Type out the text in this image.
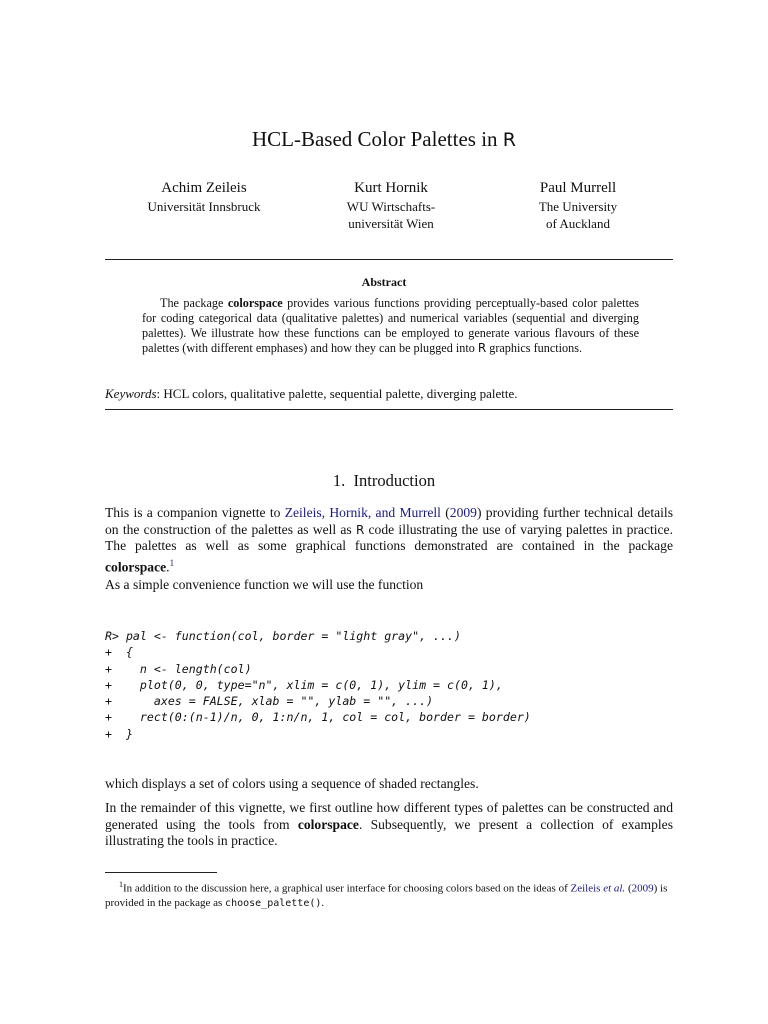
HCL-Based Color Palettes in R
Achim Zeileis
Universität Innsbruck
Kurt Hornik
WU Wirtschafts-
universität Wien
Paul Murrell
The University
of Auckland
Abstract
The package colorspace provides various functions providing perceptually-based color palettes for coding categorical data (qualitative palettes) and numerical variables (sequential and diverging palettes). We illustrate how these functions can be employed to generate various flavours of these palettes (with different emphases) and how they can be plugged into R graphics functions.
Keywords: HCL colors, qualitative palette, sequential palette, diverging palette.
1. Introduction
This is a companion vignette to Zeileis, Hornik, and Murrell (2009) providing further technical details on the construction of the palettes as well as R code illustrating the use of varying palettes in practice. The palettes as well as some graphical functions demonstrated are contained in the package colorspace.$^1$
As a simple convenience function we will use the function
R> pal <- function(col, border = "light gray", ...)
+  {
+    n <- length(col)
+    plot(0, 0, type="n", xlim = c(0, 1), ylim = c(0, 1),
+      axes = FALSE, xlab = "", ylab = "", ...)
+    rect(0:(n-1)/n, 0, 1:n/n, 1, col = col, border = border)
+  }
which displays a set of colors using a sequence of shaded rectangles.
In the remainder of this vignette, we first outline how different types of palettes can be constructed and generated using the tools from colorspace. Subsequently, we present a collection of examples illustrating the tools in practice.
$^1$In addition to the discussion here, a graphical user interface for choosing colors based on the ideas of Zeileis et al. (2009) is provided in the package as choose_palette().
